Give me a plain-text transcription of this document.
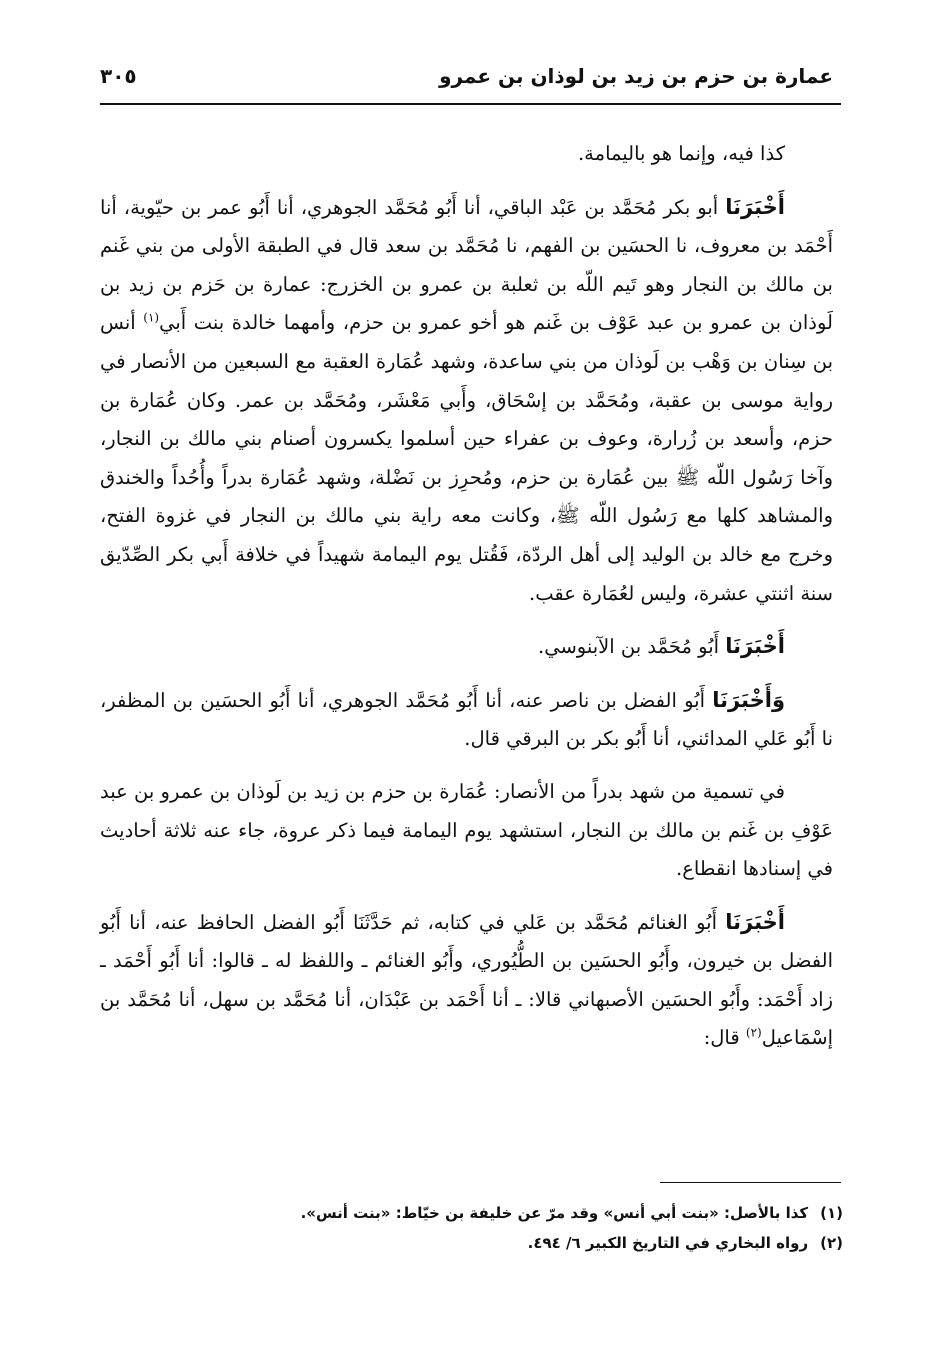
عمارة بن حزم بن زيد بن لوذان بن عمرو
٣٠٥

كذا فيه، وإنما هو باليمامة.

أَخْبَرَنَا أبو بكر مُحَمَّد بن عَبْد الباقي، أنا أَبُو مُحَمَّد الجوهري، أنا أَبُو عمر بن حيّوية، أنا أَحْمَد بن معروف، نا الحسَين بن الفهم، نا مُحَمَّد بن سعد قال في الطبقة الأولى من بني غَنم بن مالك بن النجار وهو تَيم اللّه بن ثعلبة بن عمرو بن الخزرج: عمارة بن حَزم بن زيد بن لَوذان بن عمرو بن عبد عَوْف بن غَنم هو أخو عمرو بن حزم، وأمهما خالدة بنت أَبي$^{(١)}$ أنس بن سِنان بن وَهْب بن لَوذان من بني ساعدة، وشهد عُمَارة العقبة مع السبعين من الأنصار في رواية موسى بن عقبة، ومُحَمَّد بن إسْحَاق، وأَبي مَعْشَر، ومُحَمَّد بن عمر. وكان عُمَارة بن حزم، وأسعد بن زُرارة، وعوف بن عفراء حين أسلموا يكسرون أصنام بني مالك بن النجار، وآخا رَسُول اللّه ﷺ بين عُمَارة بن حزم، ومُحرِز بن نَضْلة، وشهد عُمَارة بدراً وأُحُداً والخندق والمشاهد كلها مع رَسُول اللّه ﷺ، وكانت معه راية بني مالك بن النجار في غزوة الفتح، وخرج مع خالد بن الوليد إلى أهل الردّة، فَقُتل يوم اليمامة شهيداً في خلافة أَبي بكر الصِّدّيق سنة اثنتي عشرة، وليس لعُمَارة عقب.

أَخْبَرَنَا أَبُو مُحَمَّد بن الآبنوسي.

وَأَخْبَرَنَا أَبُو الفضل بن ناصر عنه، أنا أَبُو مُحَمَّد الجوهري، أنا أَبُو الحسَين بن المظفر، نا أَبُو عَلي المدائني، أنا أَبُو بكر بن البرقي قال.

في تسمية من شهد بدراً من الأنصار: عُمَارة بن حزم بن زيد بن لَوذان بن عمرو بن عبد عَوْفِ بن غَنم بن مالك بن النجار، استشهد يوم اليمامة فيما ذكر عروة، جاء عنه ثلاثة أحاديث في إسنادها انقطاع.

أَخْبَرَنَا أَبُو الغنائم مُحَمَّد بن عَلي في كتابه، ثم حَدَّثَنَا أَبُو الفضل الحافظ عنه، أنا أَبُو الفضل بن خيرون، وأَبُو الحسَين بن الطُّيُوري، وأَبُو الغنائم ـ واللفظ له ـ قالوا: أنا أَبُو أَحْمَد ـ زاد أَحْمَد: وأَبُو الحسَين الأصبهاني قالا: ـ أنا أَحْمَد بن عَبْدَان، أنا مُحَمَّد بن سهل، أنا مُحَمَّد بن إسْمَاعيل$^{(٢)}$ قال:

(١)كذا بالأصل: «بنت أبي أنس» وقد مرّ عن خليفة بن خيّاط: «بنت أنس».

(٢)رواه البخاري في التاريخ الكبير ٦/ ٤٩٤.
